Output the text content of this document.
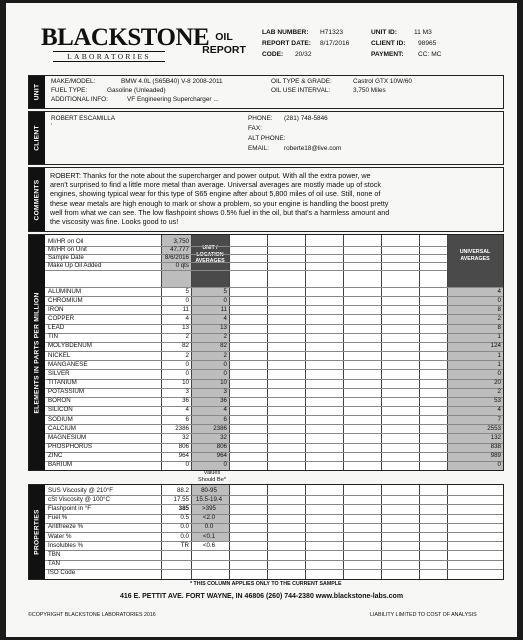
BLACKSTONE
LABORATORIES
OIL
REPORT
LAB NUMBER: H71323
REPORT DATE: 8/17/2016
CODE: 20/32
UNIT ID:	11 M3
CLIENT ID: 98965
PAYMENT: CC: MC
UNIT
MAKE/MODEL:	BMW 4.0L (S65B40) V-8 2008-2011
FUEL TYPE:	Gasoline (Unleaded)
ADDITIONAL INFO:	VF Engineering Supercharger ...
OIL TYPE & GRADE:	Castrol GTX 10W/60
OIL USE INTERVAL:	3,750 Miles
CLIENT
ROBERT ESCAMILLA
'
PHONE: (281) 748-5846
FAX:
ALT PHONE:
EMAIL: roberte18@live.com
COMMENTS
ROBERT: Thanks for the note about the supercharger and power output. With all the extra power, we
aren't surprised to find a little more metal than average. Universal averages are mostly made up of stock
engines, showing typical wear for this type of S65 engine after about 5,800 miles of oil use. Still, none of
these wear metals are high enough to mark or show a problem, so your engine is handling the boost pretty
well from what we can see. The low flashpoint shows 0.5% fuel in the oil, but that's a harmless amount and
the viscosity was fine. Looks good to us!
ELEMENTS IN PARTS PER MILLION
UNIT /
LOCATION
AVERAGES
UNIVERSAL
AVERAGES
MI/HR on Oil	3,750
MI/HR on Unit	47,777
Sample Date	8/6/2016
Make Up Oil Added	0 qts
ALUMINUM	5	5	4
CHROMIUM	0	0	0
IRON	11	11	8
COPPER	4	4	2
LEAD	13	13	8
TIN	2	2	1
MOLYBDENUM	82	82	124
NICKEL	2	2	1
MANGANESE	0	0	1
SILVER	0	0	0
TITANIUM	10	10	20
POTASSIUM	3	3	2
BORON	36	36	53
SILICON	4	4	4
SODIUM	6	6	7
CALCIUM	2386	2386	2553
MAGNESIUM	32	32	132
PHOSPHORUS	806	806	838
ZINC	964	964	989
BARIUM	0	0	0
Values
Should Be*
PROPERTIES
SUS Viscosity @ 210°F	88.2	80-95
cSt Viscosity @ 100°C	17.55	15.5-19.4
Flashpoint in °F	385	>395
Fuel %	0.5	<2.0
Antifreeze %	0.0	0.0
Water %	0.0	<0.1
Insolubles %	TR	<0.6
TBN
TAN
ISO Code
* THIS COLUMN APPLIES ONLY TO THE CURRENT SAMPLE
416 E. PETTIT AVE. FORT WAYNE, IN 46806 (260) 744-2380 www.blackstone-labs.com
©COPYRIGHT BLACKSTONE LABORATORIES 2016	LIABILITY LIMITED TO COST OF ANALYSIS
